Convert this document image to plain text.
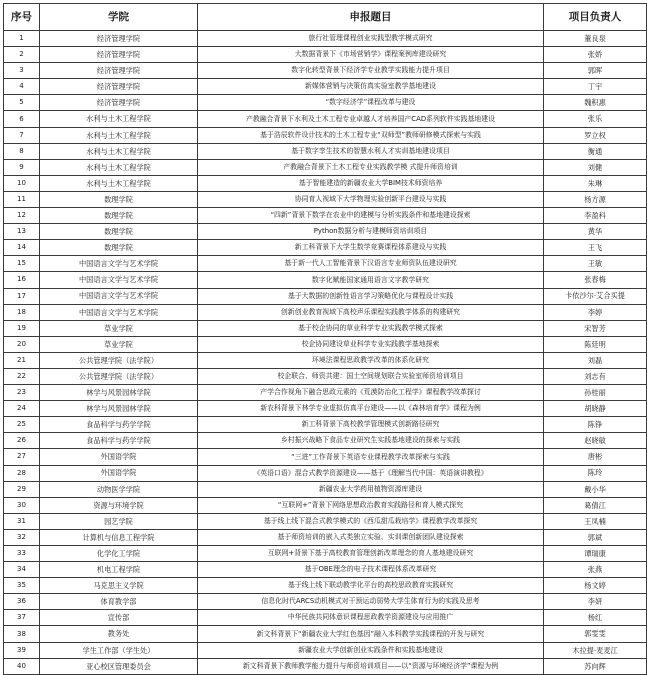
序号	学院	申报题目	项目负责人
1	经济管理学院	旅行社管理课程创业实践型教学模式研究	董良泉
2	经济管理学院	大数据背景下《市场营销学》课程案例库建设研究	张娇
3	经济管理学院	数字化转型背景下经济学专业教学实践能力提升项目	郭晖
4	经济管理学院	新媒体营销与决策仿真实验室教学基地建设	丁宇
5	经济管理学院	“数字经济学”课程改革与建设	魏积惠
6	水利与土木工程学院	产教融合背景下水利及土木工程专业卓越人才培养国产CAD系列软件实践基地建设	张乐
7	水利与土木工程学院	基于浩辰软件设计技术的土木工程专业“双师型”教师研修模式探索与实践	罗立权
8	水利与土木工程学院	基于数字孪生技术的智慧水利人才实训基地建设项目	衡通
9	水利与土木工程学院	产教融合背景下土木工程专业实践教学模 式提升师资培训	刘健
10	水利与土木工程学院	基于智能建造的新疆农业大学BIM技术师资培养	朱琳
11	数理学院	协同育人视域下大学物理实验创新平台建设与实践	杨方源
12	数理学院	“四新”背景下数学在农业中的建模与分析实践条件和基地建设探索	李盈科
13	数理学院	Python数据分析与建模师资培训项目	黄华
14	数理学院	新工科背景下大学生数学竞赛课程体系建设与实践	王飞
15	中国语言文学与艺术学院	基于新一代人工智能背景下汉语言专业师资队伍建设研究	王敏
16	中国语言文学与艺术学院	数字化赋能国家通用语言文字教学研究	张春梅
17	中国语言文学与艺术学院	基于大数据的创新性语言学习策略优化与课程设计实践	卡依沙尔·艾合买提
18	中国语言文学与艺术学院	创新创业教育视域下高校声乐课程实践教学体系的构建研究	李婷
19	草业学院	基于校企协同的草业科学专业实践教学模式探索	宋智芳
20	草业学院	校企协同建设草业科学专业实践教学基地探索	陈廷明
21	公共管理学院（法学院）	环境法课程思政教学改革的体系化研究	刘磊
22	公共管理学院（法学院）	校企联合、师资共建：国土空间规划联合实验室师资培训项目	刘志有
23	林学与风景园林学院	产学合作视角下融合思政元素的《荒漠防治化工程学》课程教学改革探讨	孙桂丽
24	林学与风景园林学院	新农科背景下林学专业虚拟仿真平台建设——以《森林培育学》课程为例	胡晓静
25	食品科学与药学学院	新工科背景下高校教学管理模式创新路径研究	陈铮
26	食品科学与药学学院	乡村振兴战略下食品专业研究生实践基地建设的探索与实践	赵晓敏
27	外国语学院	“三进”工作背景下英语专业课程教学改革探索与实践	唐彬
28	外国语学院	《英语口语》混合式教学资源建设——基于《理解当代中国：英语演讲教程》	陈玲
29	动物医学学院	新疆农业大学药用植物资源库建设	戴小华
30	资源与环境学院	“互联网+”背景下网络思想政治教育实践路径和育人模式探究	葛倩江
31	园艺学院	基于线上线下混合式教学模式的《西瓜甜瓜栽培学》课程教学改革探究	王凤楠
32	计算机与信息工程学院	基于师资培训的嵌入式类独立实验、实训课创新团队建设探索	郭斌
33	化学化工学院	互联网+背景下基于高校教育管理创新改革理念的育人基地建设研究	谭瑞康
34	机电工程学院	基于OBE理念的电子技术课程体系改革研究	张燕
35	马克思主义学院	基于线上线下联动教学化平台的高校思政教育实践研究	杨文婷
36	体育教学部	信息化时代ARCS动机模式对干预运动弱势大学生体育行为的实践及思考	李妍
37	宣传部	中华民族共同体意识课程思政教学资源建设与应用推广	杨红
38	教务处	新文科背景下“新疆农业大学红色基因”融入本科教学实践课程的开发与研究	郭雯雯
39	学生工作部（学生处）	新疆农业大学创新创业实践条件和实践基地建设	木拉提·麦麦江
40	亚心校区管理委员会	新文科背景下教师教学能力提升与师资培训项目——以“资源与环境经济学”课程为例	苏向辉
